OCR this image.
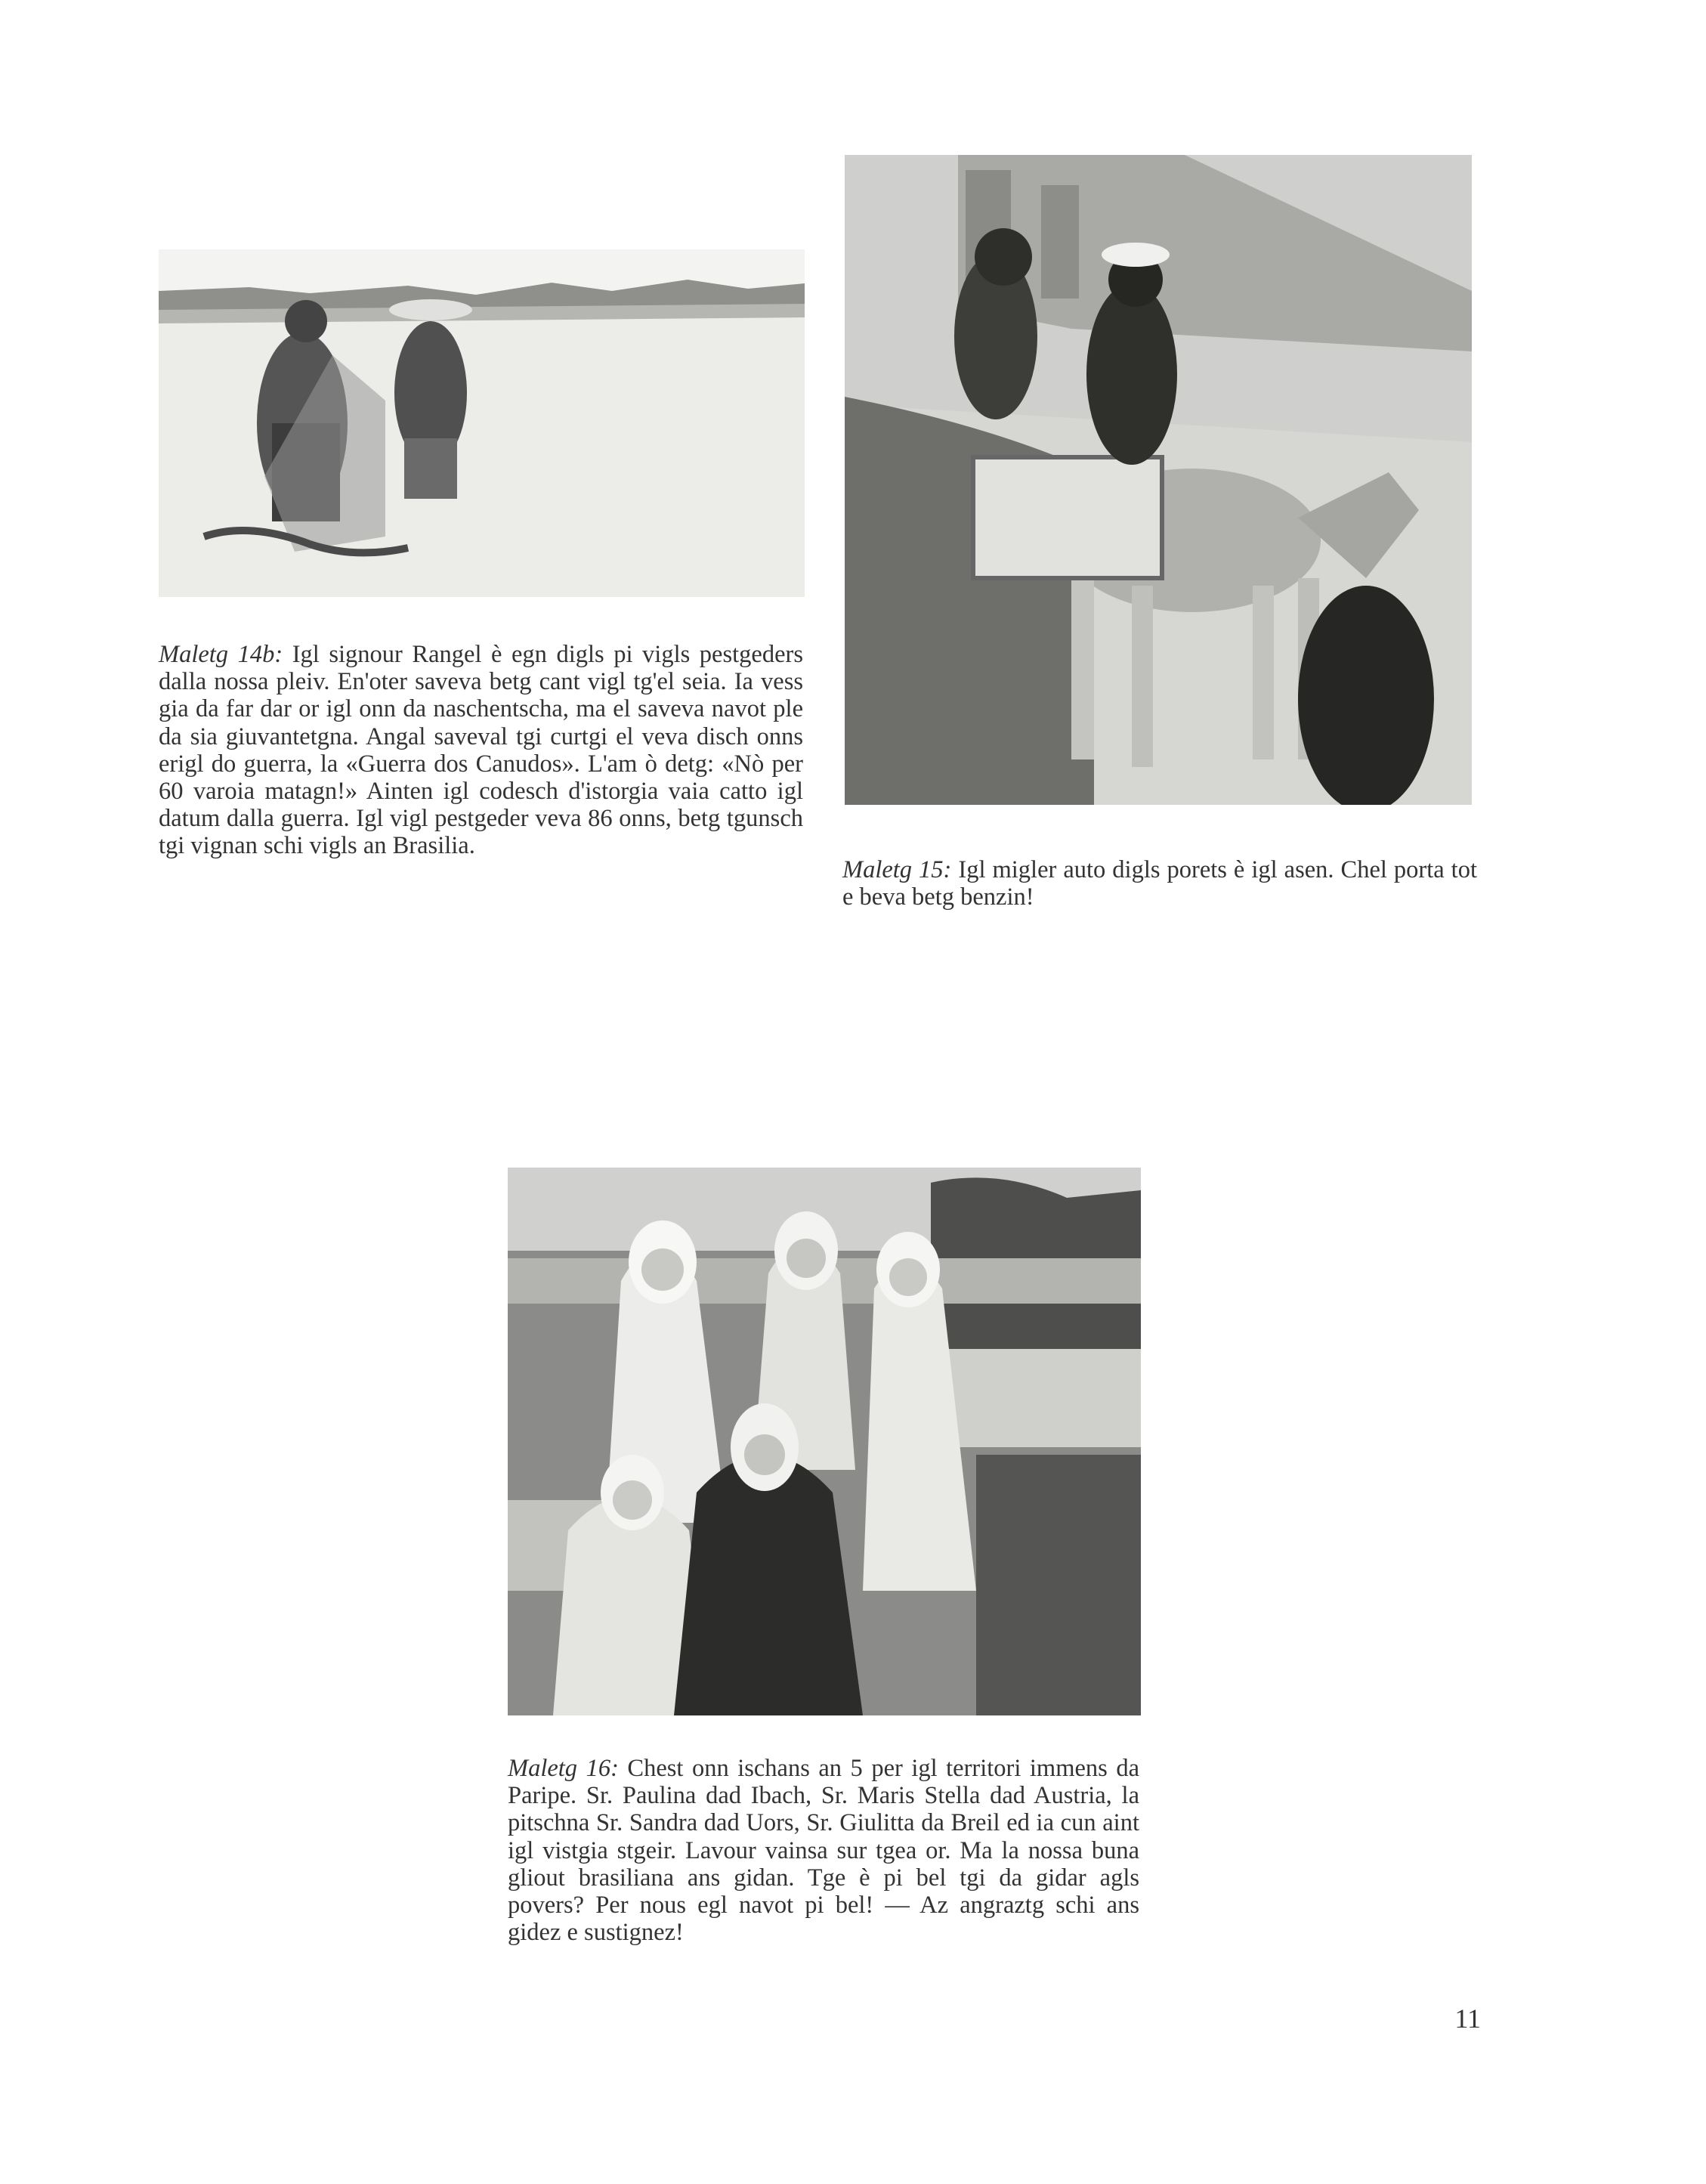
Maletg 14b: Igl signour Rangel è egn digls pi vigls pestgeders dalla nossa pleiv. En'oter saveva betg cant vigl tg'el seia. Ia vess gia da far dar or igl onn da naschentscha, ma el saveva navot ple da sia giuvantetgna. Angal saveval tgi curtgi el veva disch onns erigl do guerra, la «Guerra dos Canudos». L'am ò detg: «Nò per 60 varoia matagn!» Ainten igl codesch d'istorgia vaia catto igl datum dalla guerra. Igl vigl pestgeder veva 86 onns, betg tgunsch tgi vignan schi vigls an Brasilia.
Maletg 15: Igl migler auto digls porets è igl asen. Chel porta tot e beva betg benzin!
Maletg 16: Chest onn ischans an 5 per igl territori immens da Paripe. Sr. Paulina dad Ibach, Sr. Maris Stella dad Austria, la pitschna Sr. Sandra dad Uors, Sr. Giulitta da Breil ed ia cun aint igl vistgia stgeir. Lavour vainsa sur tgea or. Ma la nossa buna gliout brasiliana ans gidan. Tge è pi bel tgi da gidar agls povers? Per nous egl navot pi bel! — Az angraztg schi ans gidez e sustignez!
11
